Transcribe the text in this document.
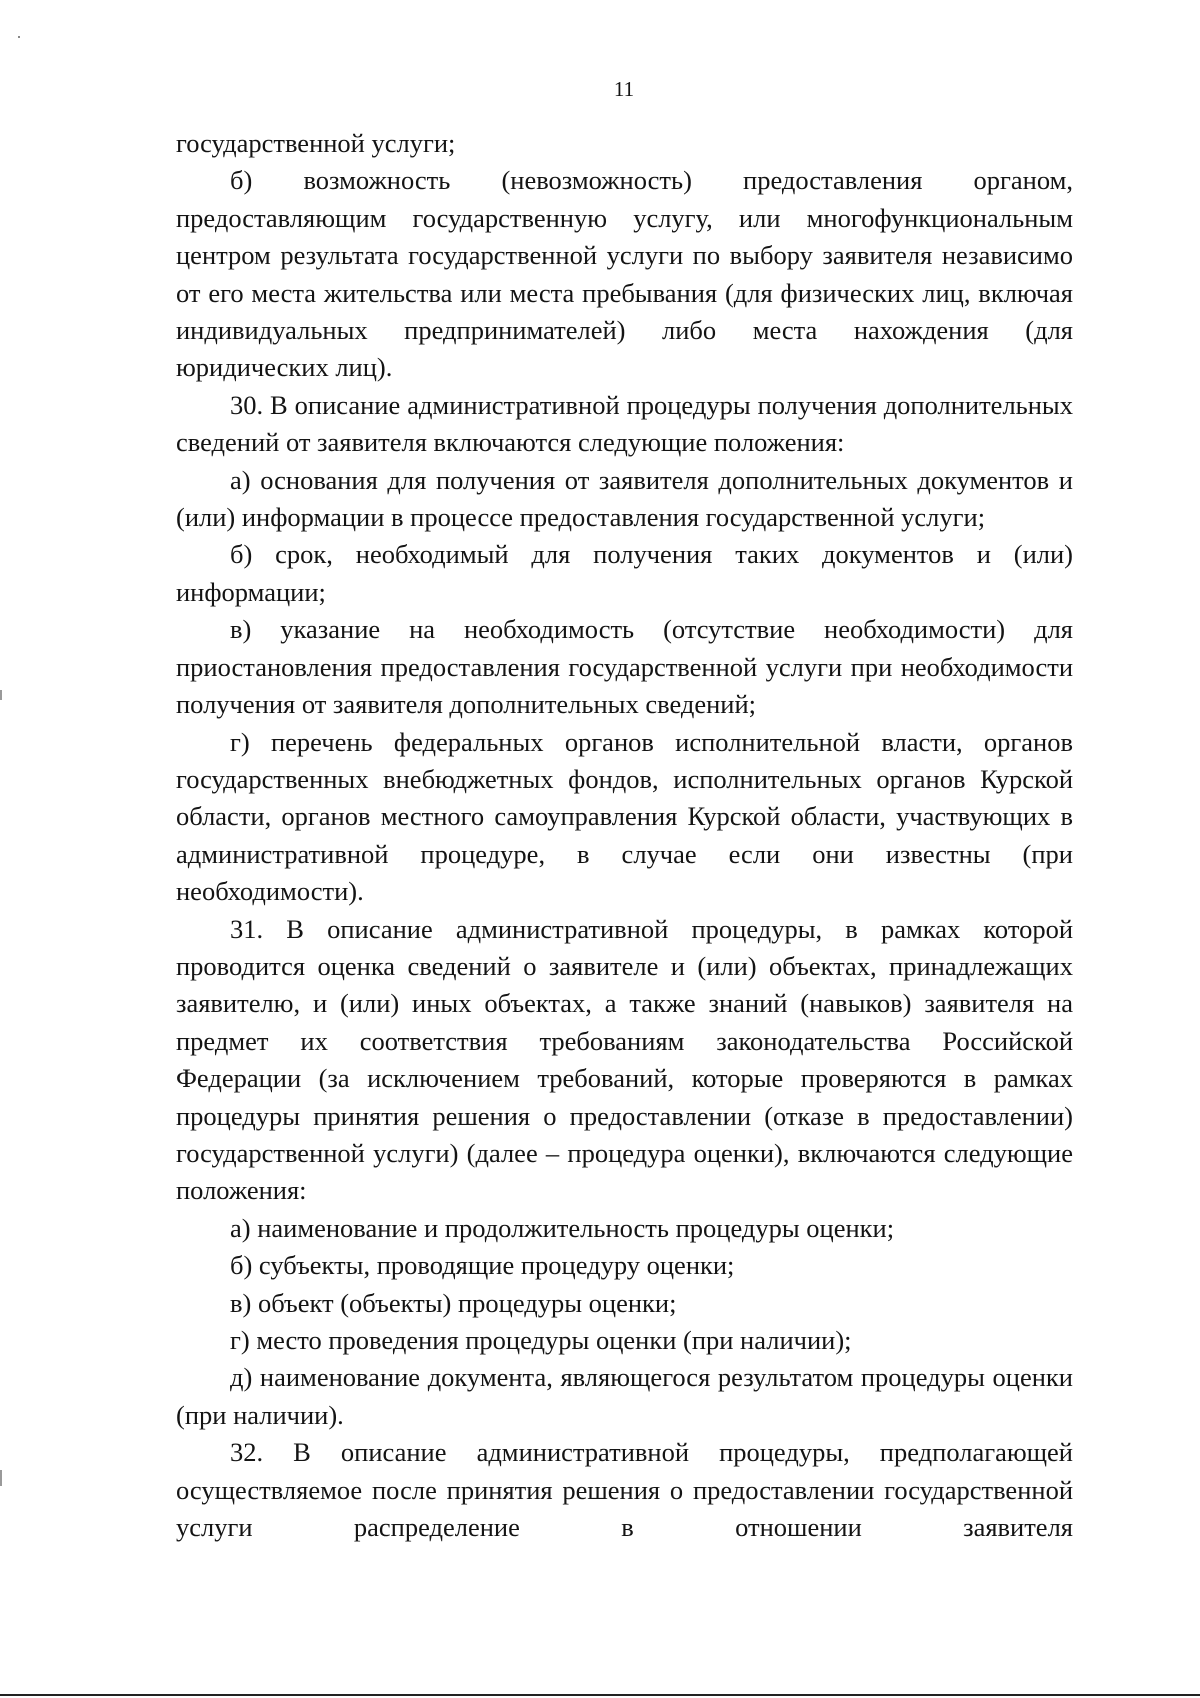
11

государственной услуги;

б) возможность (невозможность) предоставления органом, предоставляющим государственную услугу, или многофункциональным центром результата государственной услуги по выбору заявителя независимо от его места жительства или места пребывания (для физических лиц, включая индивидуальных предпринимателей) либо места нахождения (для юридических лиц).

30. В описание административной процедуры получения дополнительных сведений от заявителя включаются следующие положения:

а) основания для получения от заявителя дополнительных документов и (или) информации в процессе предоставления государственной услуги;

б) срок, необходимый для получения таких документов и (или) информации;

в) указание на необходимость (отсутствие необходимости) для приостановления предоставления государственной услуги при необходимости получения от заявителя дополнительных сведений;

г) перечень федеральных органов исполнительной власти, органов государственных внебюджетных фондов, исполнительных органов Курской области, органов местного самоуправления Курской области, участвующих в административной процедуре, в случае если они известны (при необходимости).

31. В описание административной процедуры, в рамках которой проводится оценка сведений о заявителе и (или) объектах, принадлежащих заявителю, и (или) иных объектах, а также знаний (навыков) заявителя на предмет их соответствия требованиям законодательства Российской Федерации (за исключением требований, которые проверяются в рамках процедуры принятия решения о предоставлении (отказе в предоставлении) государственной услуги) (далее – процедура оценки), включаются следующие положения:

а) наименование и продолжительность процедуры оценки;

б) субъекты, проводящие процедуру оценки;

в) объект (объекты) процедуры оценки;

г) место проведения процедуры оценки (при наличии);

д) наименование документа, являющегося результатом процедуры оценки (при наличии).

32. В описание административной процедуры, предполагающей осуществляемое после принятия решения о предоставлении государственной услуги распределение в отношении заявителя
